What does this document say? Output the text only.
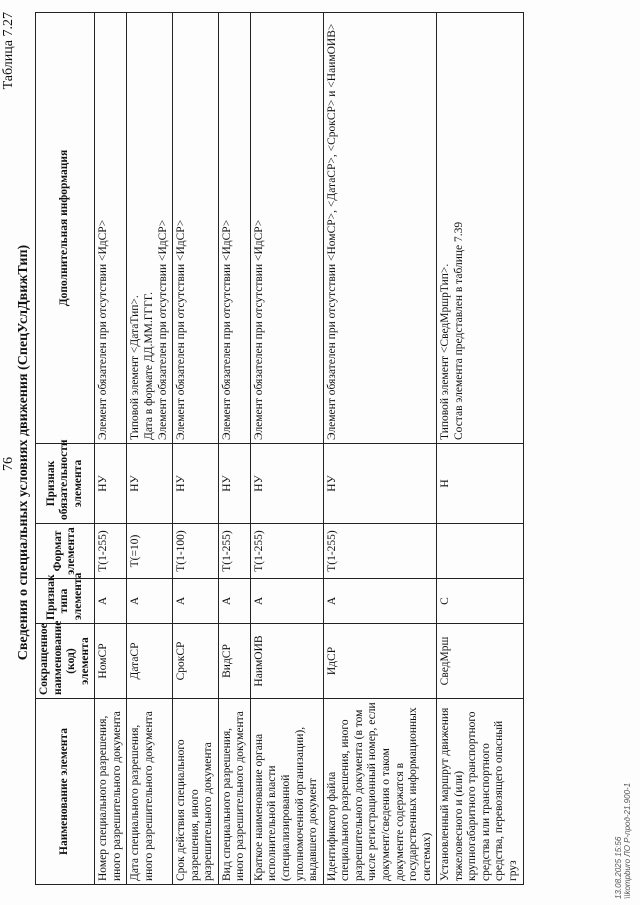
76
Таблица 7.27
Сведения о специальных условиях движения (СпецУслДвижТип)
Наименование элемента	Сокращенное наименование (код) элемента	Признак типа элемента	Формат элемента	Признак обязательности элемента	Дополнительная информация
Номер специального разрешения, иного разрешительного документа	НомСР	А	T(1-255)	НУ	Элемент обязателен при отсутствии <ИдСР>

Дата специального разрешения, иного разрешительного документа	ДатаСР	А	T(=10)	НУ	Типовой элемент <ДатаТип>. Дата в формате ДД.ММ.ГГГГ. Элемент обязателен при отсутствии <ИдСР>

Срок действия специального разрешения, иного разрешительного документа	СрокСР	А	T(1-100)	НУ	Элемент обязателен при отсутствии <ИдСР>

Вид специального разрешения, иного разрешительного документа	ВидСР	А	T(1-255)	НУ	Элемент обязателен при отсутствии <ИдСР>

Краткое наименование органа исполнительной власти (специализированной уполномоченной организации), выдавшего документ	НаимОИВ	А	T(1-255)	НУ	Элемент обязателен при отсутствии <ИдСР>

Идентификатор файла специального разрешения, иного разрешительного документа (в том числе регистрационный номер, если документ/сведения о таком документе содержатся в государственных информационных системах)	ИдСР	А	T(1-255)	НУ	Элемент обязателен при отсутствии <НомСР>, <ДатаСР>, <СрокСР> и <НаимОИВ>

Установленный маршрут движения тяжеловесного и (или) крупногабаритного транспортного средства или транспортного средства, перевозящего опасный груз	СведМрш	С		Н	Типовой элемент <СведМршрТип>. Состав элемента представлен в таблице 7.39
13.08.2025 15:56 \\kompburo ЛО Р-прод-21.900-1
